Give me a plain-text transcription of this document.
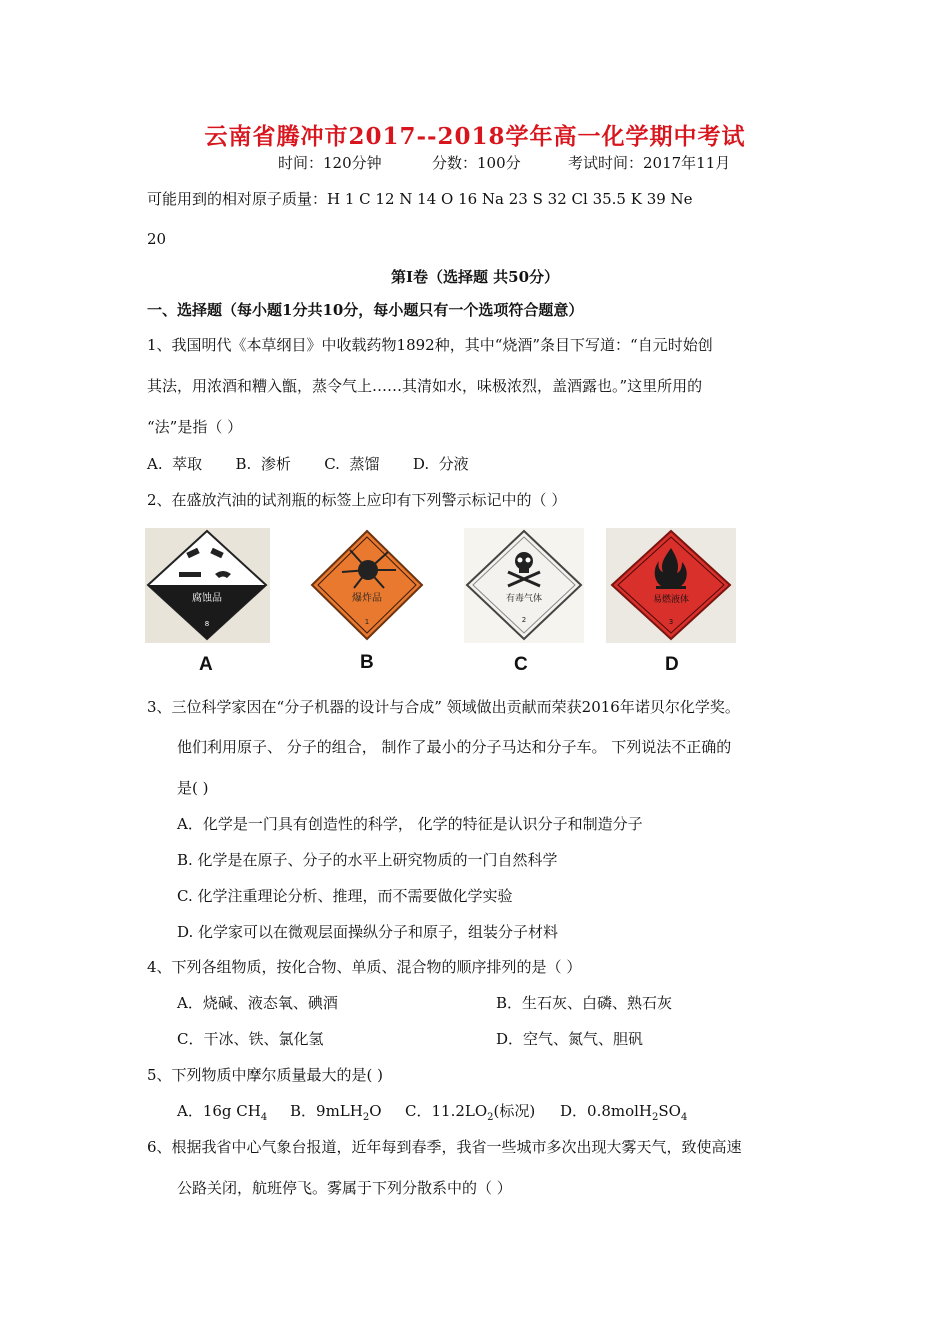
云南省腾冲市2017--2018学年高一化学期中考试
时间：120分钟	分数：100分	考试时间：2017年11月
可能用到的相对原子质量：H 1 C 12 N 14 O 16 Na 23 S 32 Cl 35.5 K 39 Ne
20
第Ⅰ卷（选择题 共50分）
一、选择题（每小题1分共10分，每小题只有一个选项符合题意）
1、我国明代《本草纲目》中收载药物1892种，其中“烧酒”条目下写道：“自元时始创
其法，用浓酒和糟入甑，蒸令气上……其清如水，味极浓烈，盖酒露也。”这里所用的
“法”是指（ ）
A.  萃取       B.  渗析       C.  蒸馏       D.  分液
2、在盛放汽油的试剂瓶的标签上应印有下列警示标记中的（ ）
腐蚀品
8
爆炸品
1
有毒气体
2
易燃液体
3
A	B	C	D
3、三位科学家因在“分子机器的设计与合成” 领域做出贡献而荣获2016年诺贝尔化学奖。
他们利用原子、 分子的组合， 制作了最小的分子马达和分子车。 下列说法不正确的
是( )
A．化学是一门具有创造性的科学， 化学的特征是认识分子和制造分子
B. 化学是在原子、分子的水平上研究物质的一门自然科学
C. 化学注重理论分析、推理，而不需要做化学实验
D. 化学家可以在微观层面操纵分子和原子，组装分子材料
4、下列各组物质，按化合物、单质、混合物的顺序排列的是（ ）
A．烧碱、液态氧、碘酒	B．生石灰、白磷、熟石灰
C．干冰、铁、氯化氢	D．空气、氮气、胆矾
5、下列物质中摩尔质量最大的是( )
A．16g $CH_4$ B．9mLH$_2$O C．$11.2LO_2$(标况) D．$0.8molH_2SO_4$
6、根据我省中心气象台报道，近年每到春季，我省一些城市多次出现大雾天气，致使高速
公路关闭，航班停飞。雾属于下列分散系中的（ ）
